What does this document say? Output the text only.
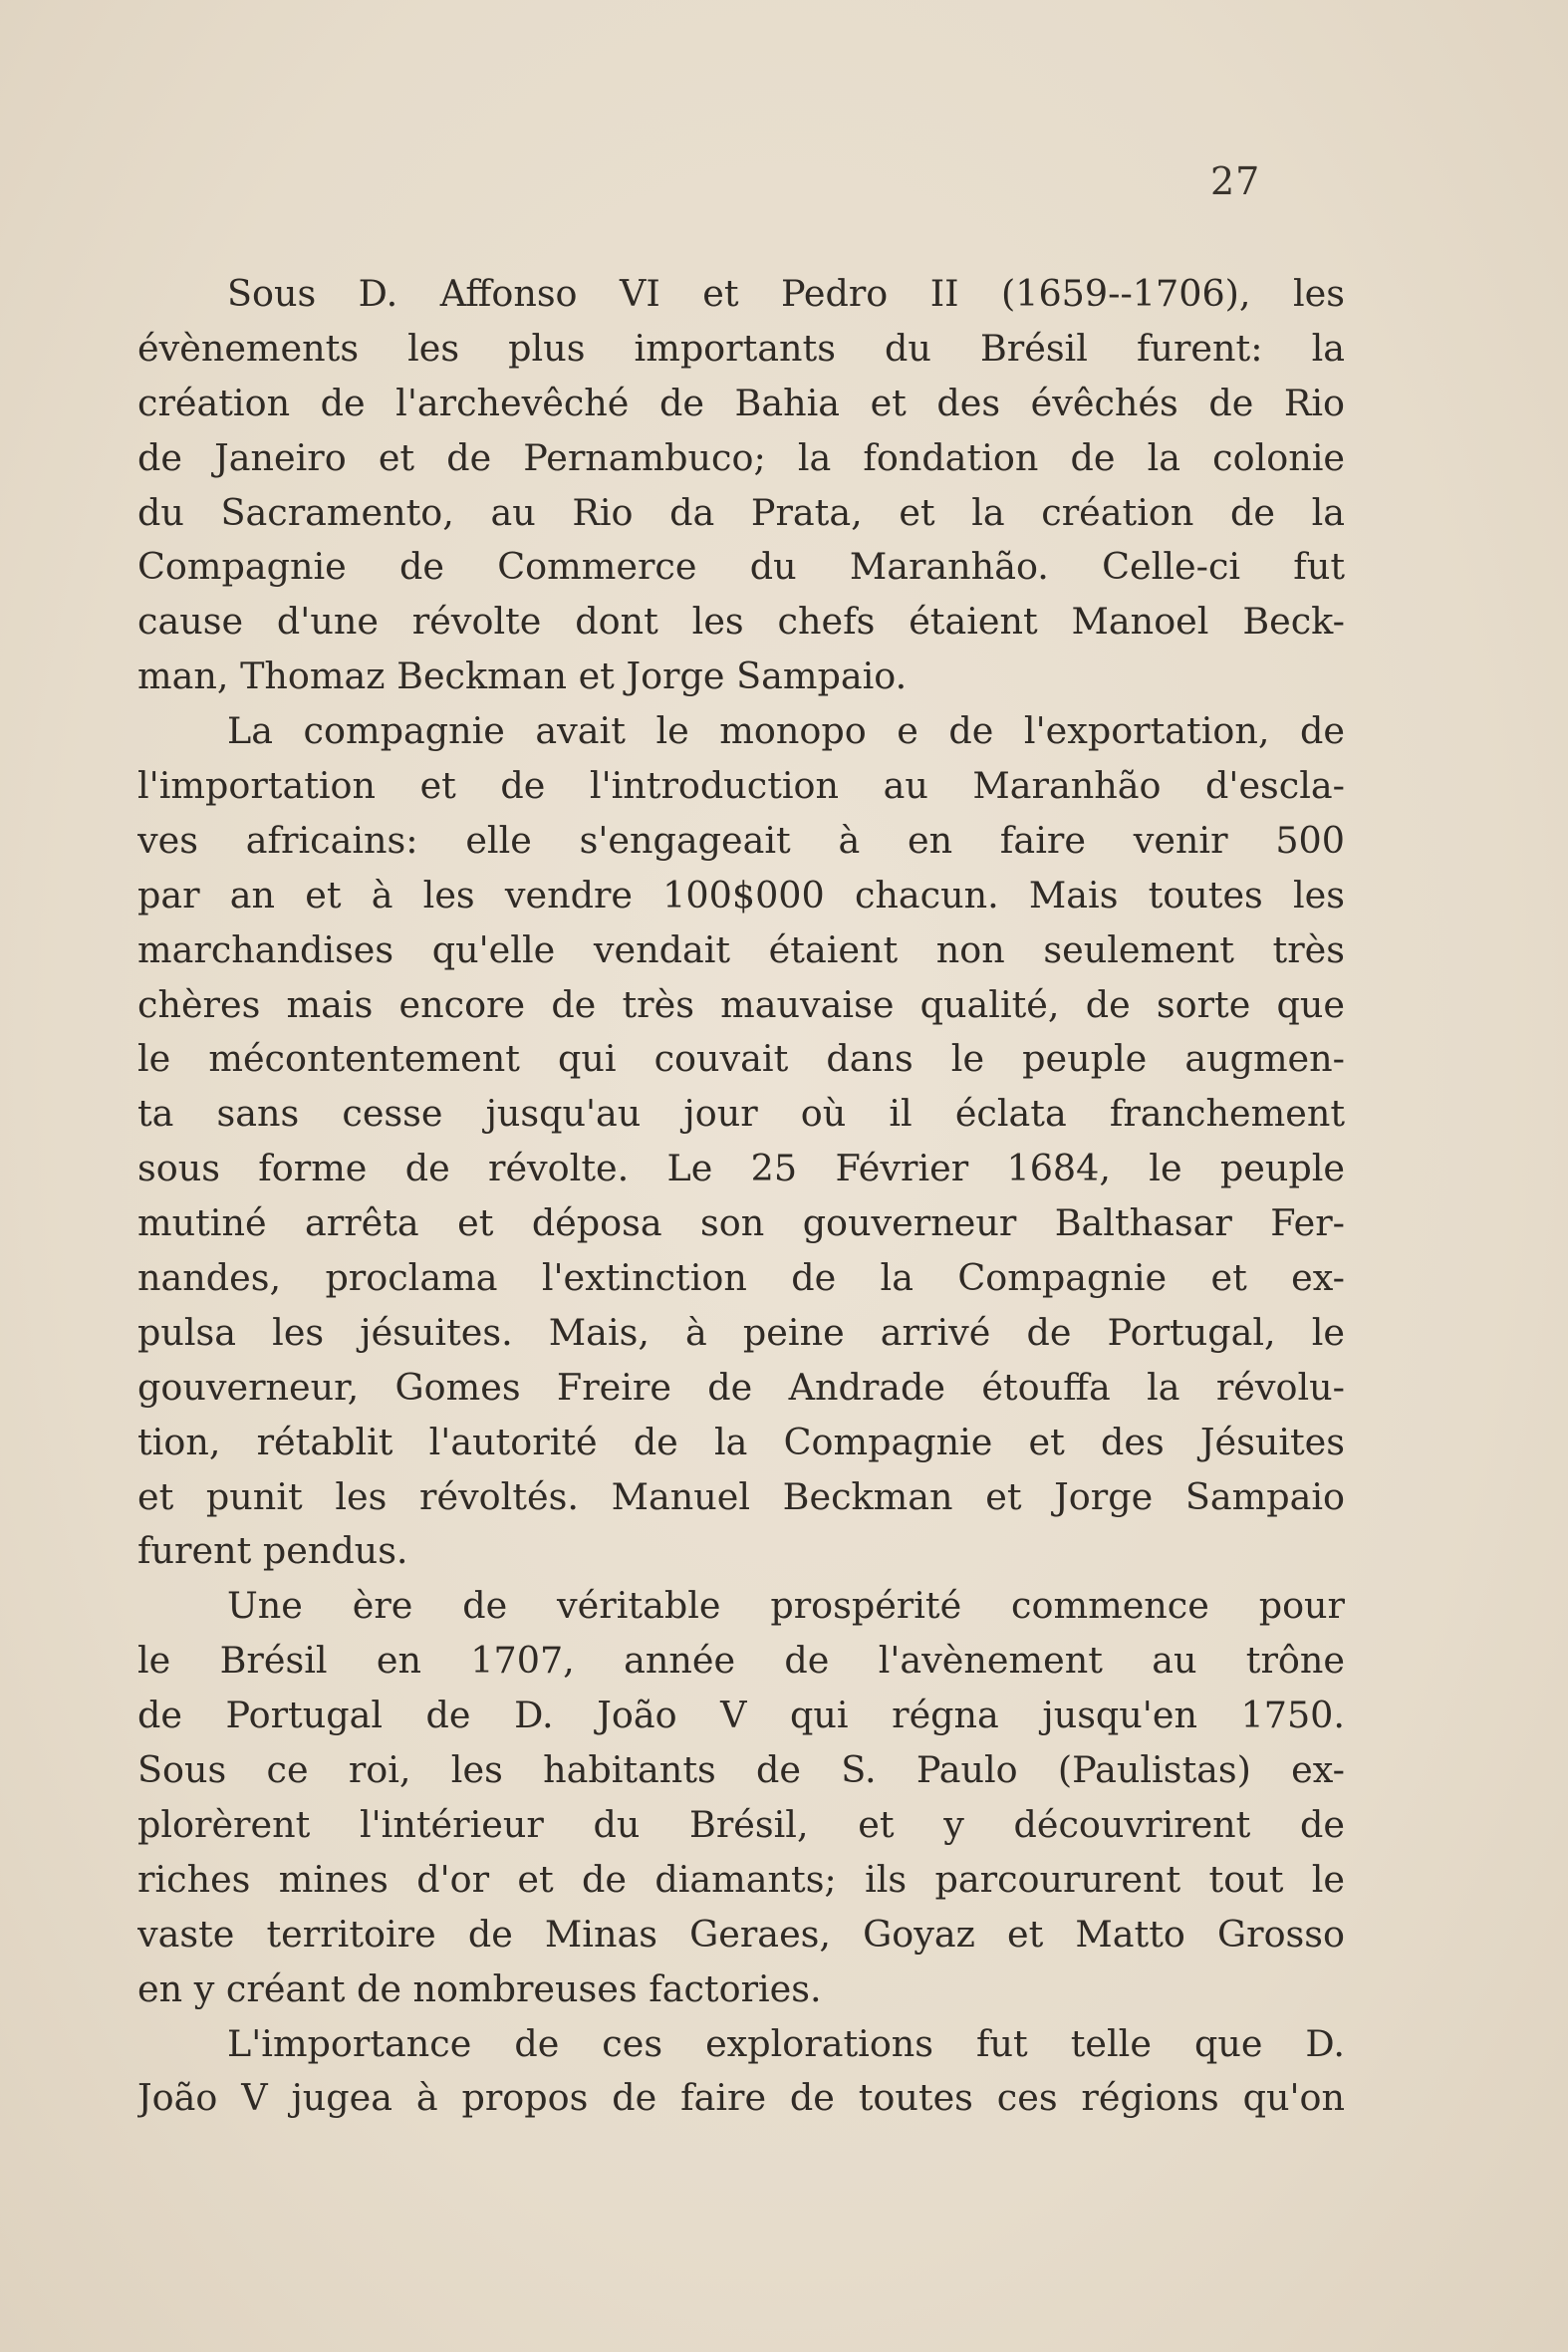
27
Sous D. Affonso VI et Pedro II (1659--1706), les
évènements les plus importants du Brésil furent: la
création de l'archevêché de Bahia et des évêchés de Rio
de Janeiro et de Pernambuco; la fondation de la colonie
du Sacramento, au Rio da Prata, et la création de la
Compagnie de Commerce du Maranhão. Celle-ci fut
cause d'une révolte dont les chefs étaient Manoel Beck-
man, Thomaz Beckman et Jorge Sampaio.
La compagnie avait le monopo e de l'exportation, de
l'importation et de l'introduction au Maranhão d'escla-
ves africains: elle s'engageait à en faire venir 500
par an et à les vendre 100$000 chacun. Mais toutes les
marchandises qu'elle vendait étaient non seulement très
chères mais encore de très mauvaise qualité, de sorte que
le mécontentement qui couvait dans le peuple augmen-
ta sans cesse jusqu'au jour où il éclata franchement
sous forme de révolte. Le 25 Février 1684, le peuple
mutiné arrêta et déposa son gouverneur Balthasar Fer-
nandes, proclama l'extinction de la Compagnie et ex-
pulsa les jésuites. Mais, à peine arrivé de Portugal, le
gouverneur, Gomes Freire de Andrade étouffa la révolu-
tion, rétablit l'autorité de la Compagnie et des Jésuites
et punit les révoltés. Manuel Beckman et Jorge Sampaio
furent pendus.
Une ère de véritable prospérité commence pour
le Brésil en 1707, année de l'avènement au trône
de Portugal de D. João V qui régna jusqu'en 1750.
Sous ce roi, les habitants de S. Paulo (Paulistas) ex-
plorèrent l'intérieur du Brésil, et y découvrirent de
riches mines d'or et de diamants; ils parcoururent tout le
vaste territoire de Minas Geraes, Goyaz et Matto Grosso
en y créant de nombreuses factories.
L'importance de ces explorations fut telle que D.
João V jugea à propos de faire de toutes ces régions qu'on
